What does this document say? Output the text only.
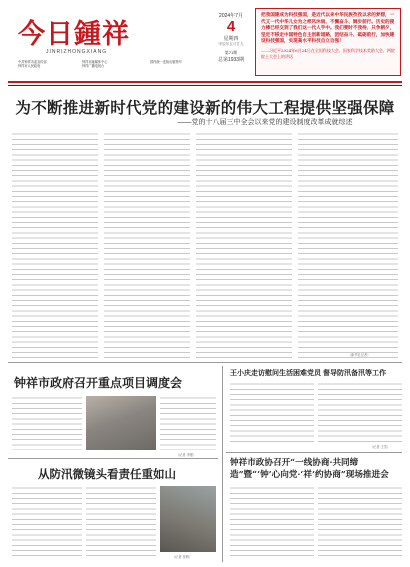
今日鍾祥
JINRIZHONGXIANG
中共钟祥市委宣传部
钟祥市人民政府
钟祥市融媒体中心
钟祥广播电视台
国内统一连续出版物号
2024年7月
4
星期四
甲辰年五月廿九
第71期
总第1933期
把我国建成为科技强国，是近代以来中华民族孜孜以求的梦想，一代又一代中华儿女为之栉风沐雨、不懈奋斗、阔步前行。历史的接力棒已经交到了我们这一代人手中。我们要时不我待、只争朝夕，坚定不移走中国特色自主创新道路，团结奋斗、砥砺前行，加快建设科技强国，实现高水平科技自立自强！
——习近平2024年6月24日在全国科技大会、国家科学技术奖励大会、两院院士大会上的讲话
为不断推进新时代党的建设新的伟大工程提供坚强保障
——党的十八届三中全会以来党的建设制度改革成就综述
（新华社记者）
钟祥市政府召开重点项目调度会
（记者 李强）
从防汛微镜头看责任重如山
（记者 张明）
王小庆走访慰问生活困难党员 督导防汛备汛等工作
（记者 王雪）
钟祥市政协召开“一线协商·共同缔造”暨“‘钟’心向党·‘祥’约协商”现场推进会
